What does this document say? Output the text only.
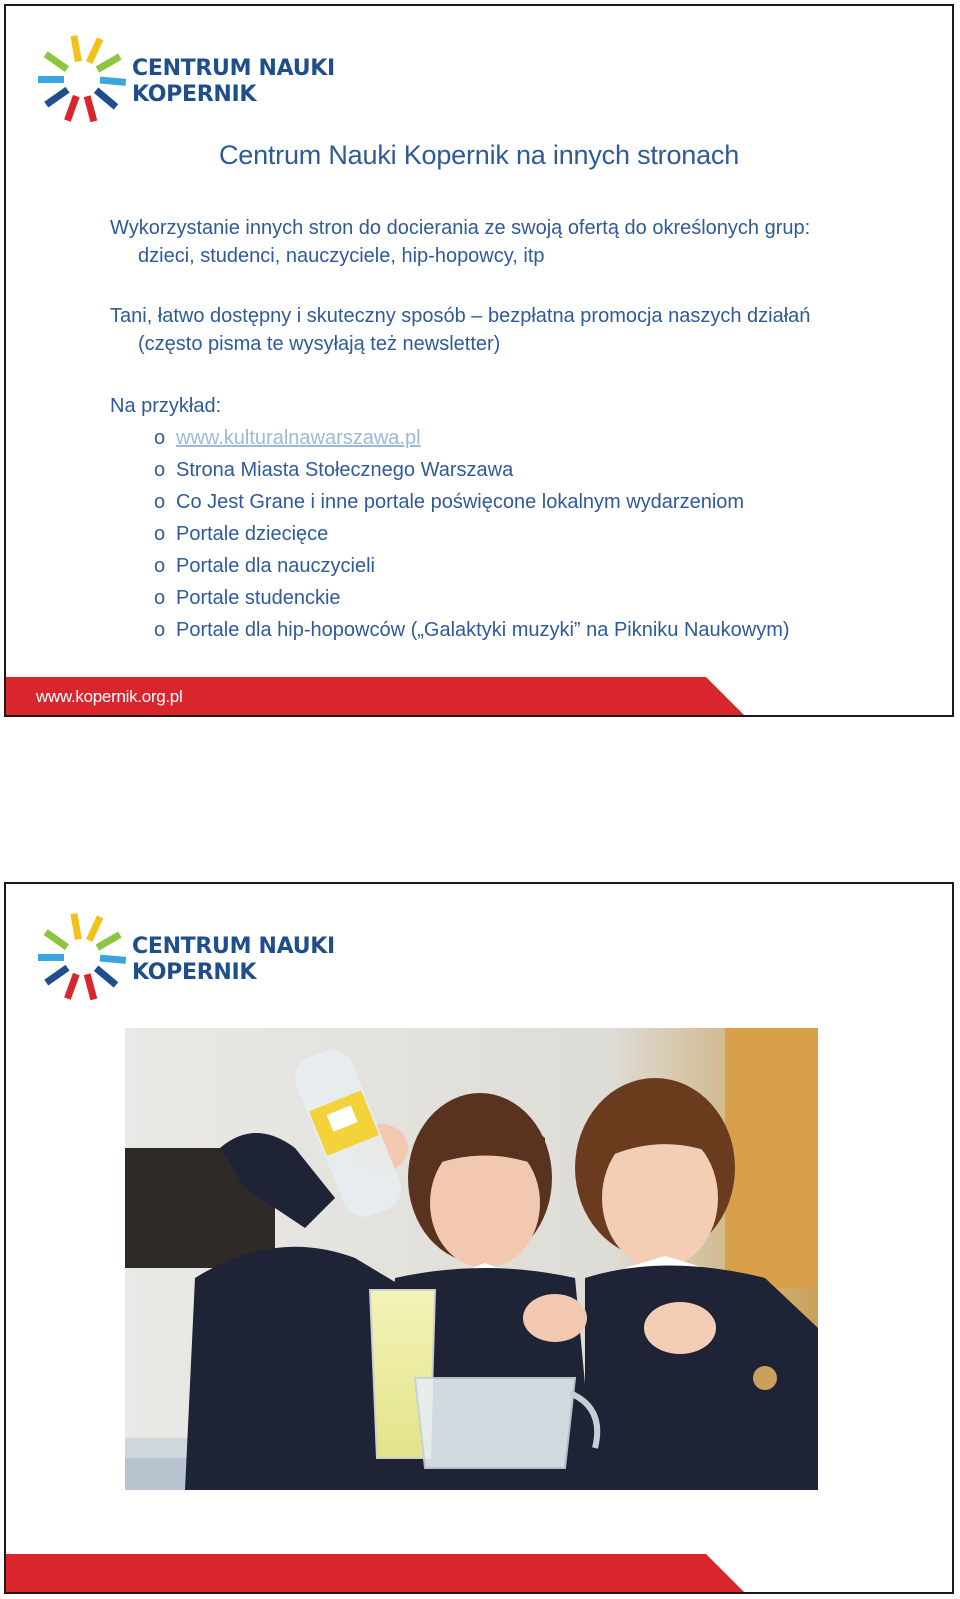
CENTRUM NAUKI
KOPERNIK
Centrum Nauki Kopernik na innych stronach
Wykorzystanie innych stron do docierania ze swoją ofertą do określonych grup:
dzieci, studenci, nauczyciele, hip-hopowcy, itp
Tani, łatwo dostępny i skuteczny sposób – bezpłatna promocja naszych działań
(często pisma te wysyłają też newsletter)
Na przykład:
o www.kulturalnawarszawa.pl
o Strona Miasta Stołecznego Warszawa
o Co Jest Grane i inne portale poświęcone lokalnym wydarzeniom
o Portale dziecięce
o Portale dla nauczycieli
o Portale studenckie
o Portale dla hip-hopowców („Galaktyki muzyki” na Pikniku Naukowym)
www.kopernik.org.pl
CENTRUM NAUKI
KOPERNIK
